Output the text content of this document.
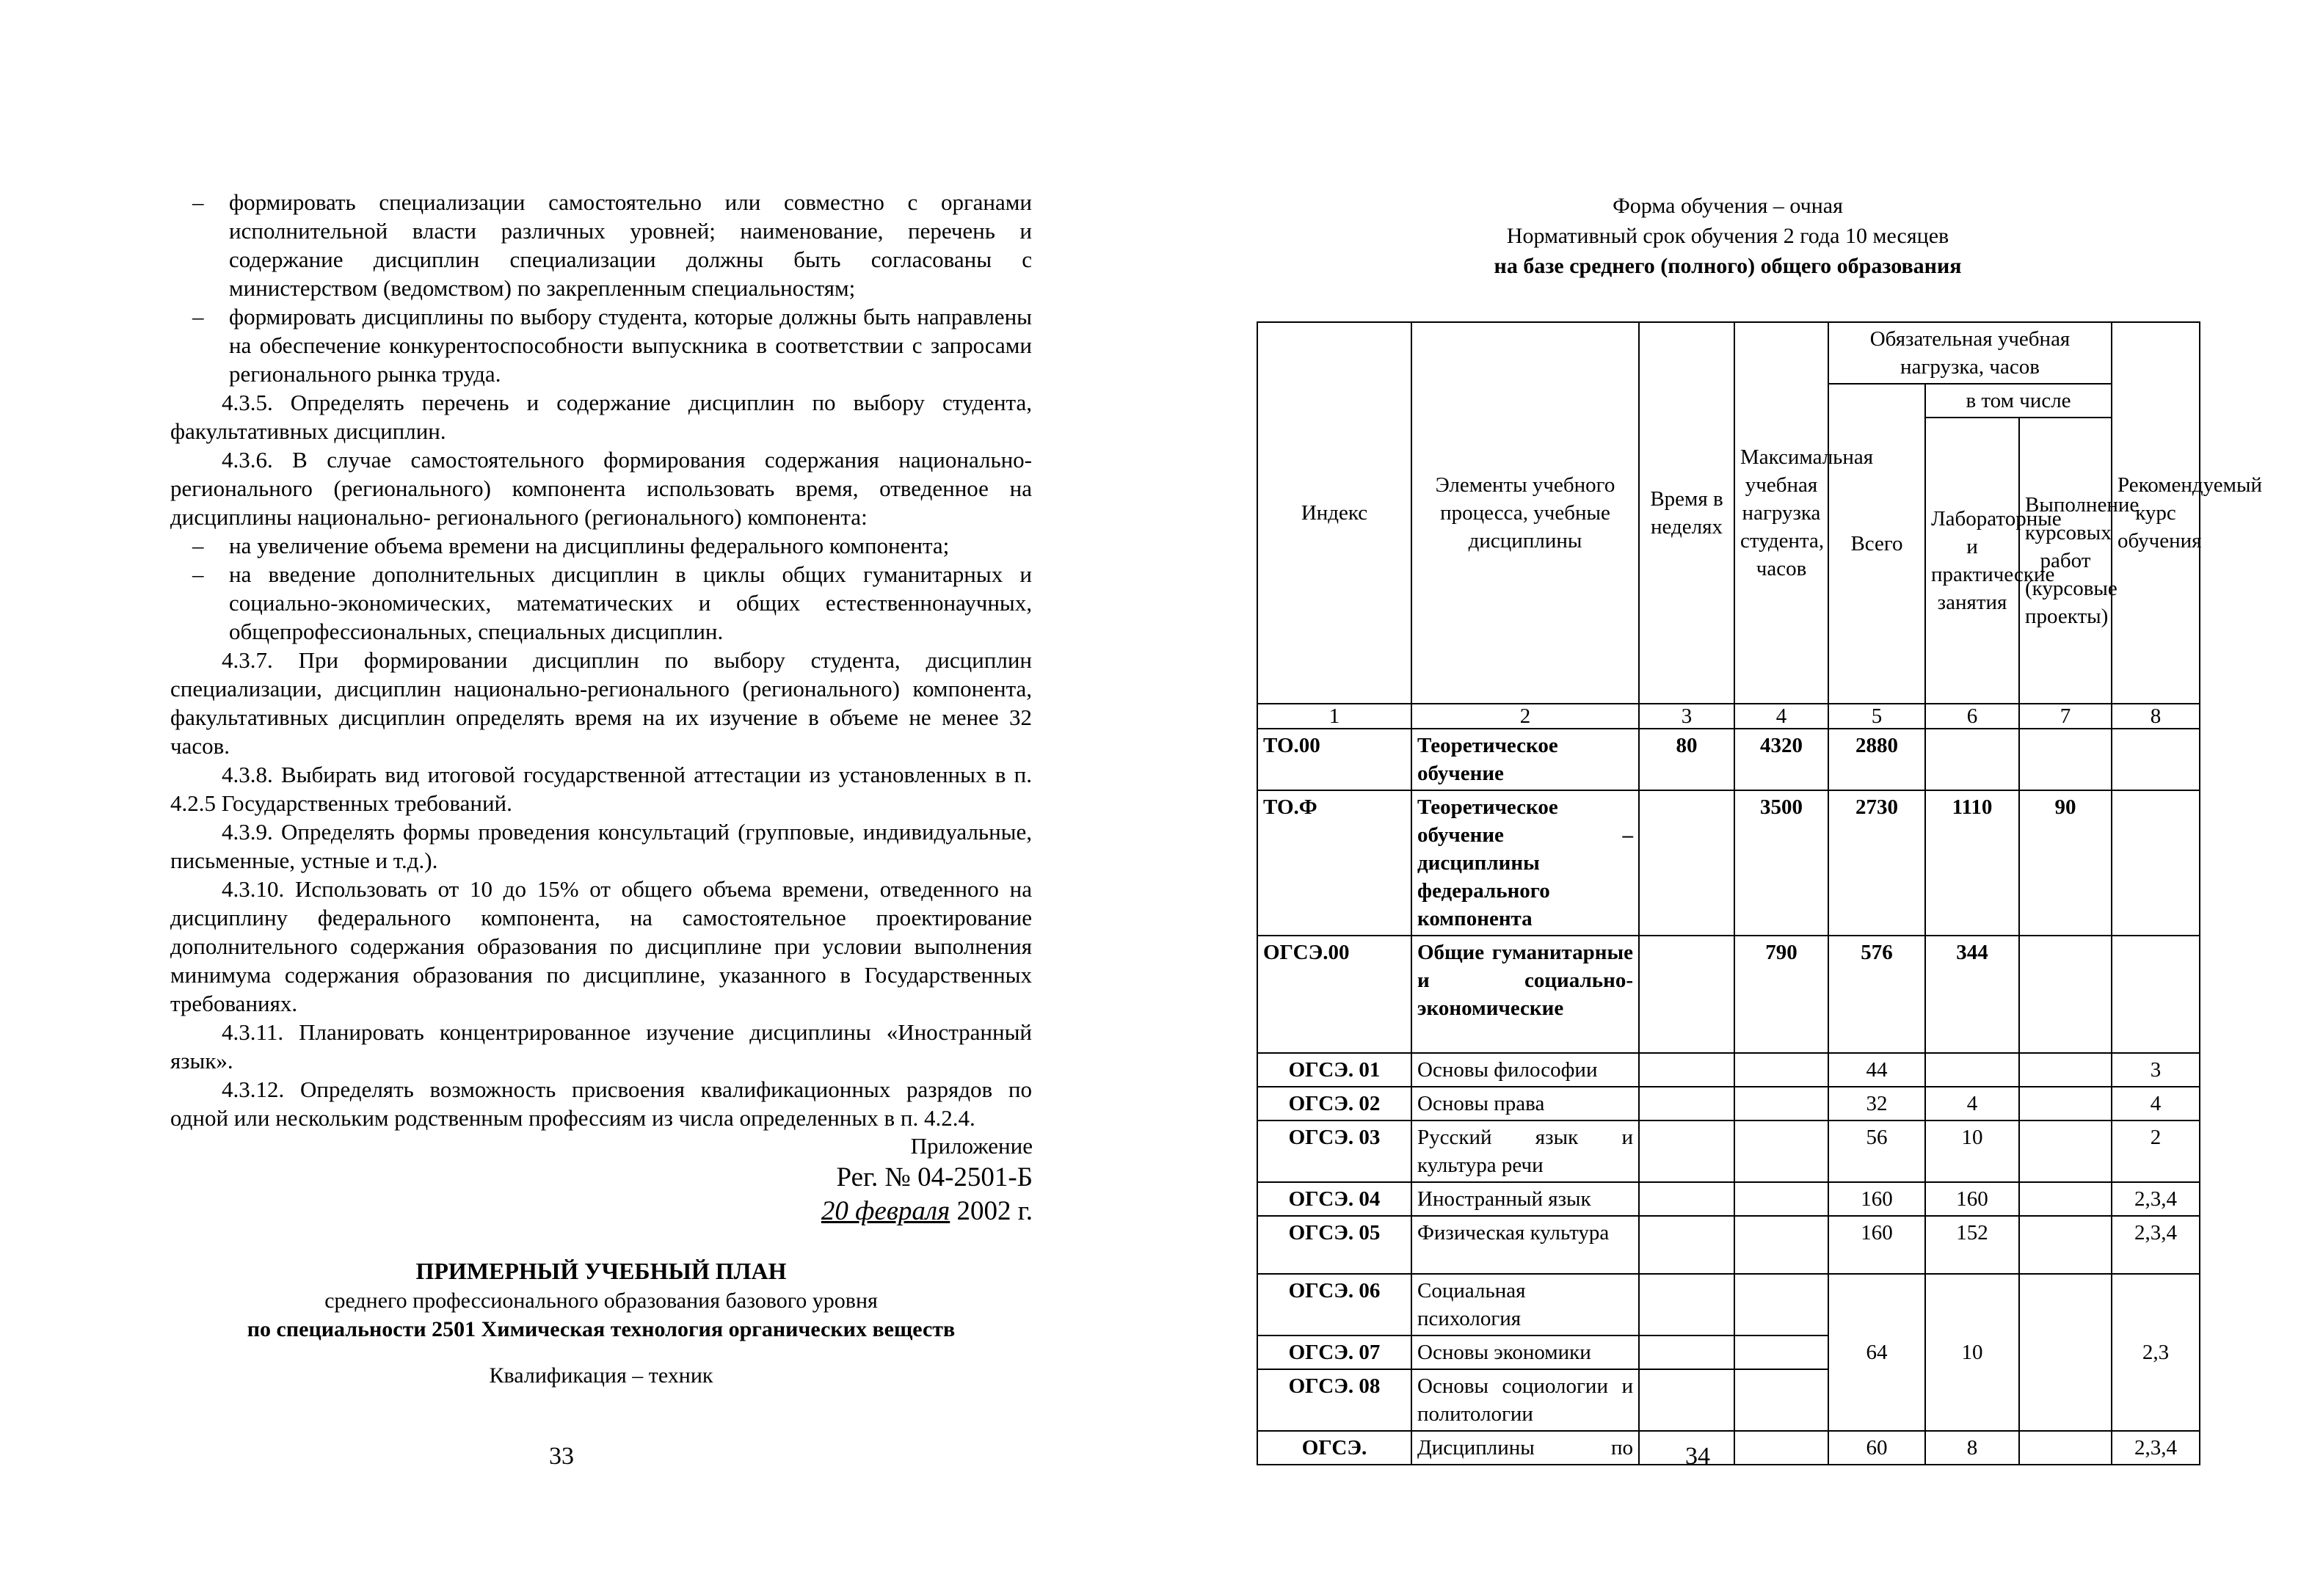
– формировать специализации самостоятельно или совместно с органами исполнительной власти различных уровней; наименование, перечень и содержание дисциплин специализации должны быть согласованы с министерством (ведомством) по закрепленным специальностям;

– формировать дисциплины по выбору студента, которые должны быть направлены на обеспечение конкурентоспособности выпускника в соответствии с запросами регионального рынка труда.

4.3.5. Определять перечень и содержание дисциплин по выбору студента, факультативных дисциплин.

4.3.6. В случае самостоятельного формирования содержания национально-регионального (регионального) компонента использовать время, отведенное на дисциплины национально- регионального (регионального) компонента:

– на увеличение объема времени на дисциплины федерального компонента;

– на введение дополнительных дисциплин в циклы общих гуманитарных и социально-экономических, математических и общих естественнонаучных, общепрофессиональных, специальных дисциплин.

4.3.7. При формировании дисциплин по выбору студента, дисциплин специализации, дисциплин национально-регионального (регионального) компонента, факультативных дисциплин определять время на их изучение в объеме не менее 32 часов.

4.3.8. Выбирать вид итоговой государственной аттестации из установленных в п. 4.2.5 Государственных требований.

4.3.9. Определять формы проведения консультаций (групповые, индивидуальные, письменные, устные и т.д.).

4.3.10. Использовать от 10 до 15% от общего объема времени, отведенного на дисциплину федерального компонента, на самостоятельное проектирование дополнительного содержания образования по дисциплине при условии выполнения минимума содержания образования по дисциплине, указанного в Государственных требованиях.

4.3.11. Планировать концентрированное изучение дисциплины «Иностранный язык».

4.3.12. Определять возможность присвоения квалификационных разрядов по одной или нескольким родственным профессиям из числа определенных в п. 4.2.4.

Приложение
Рег. № 04-2501-Б
20 февраля 2002 г.
ПРИМЕРНЫЙ УЧЕБНЫЙ ПЛАН
среднего профессионального образования базового уровня
по специальности 2501 Химическая технология органических веществ
Квалификация – техник
33
Форма обучения – очная
Нормативный срок обучения 2 года 10 месяцев
на базе среднего (полного) общего образования
Индекс	Элементы учебного процесса, учебные дисциплины	Время в неделях	Максимальная учебная нагрузка студента, часов	Обязательная учебная нагрузка, часов			Рекомендуемый курс обучения
				Всего	в том числе		
					Лабораторные и практические занятия	Выполнение курсовых работ (курсовые проекты)	
1	2	3	4	5	6	7	8
ТО.00	Теоретическое обучение	80	4320	2880			
ТО.Ф	Теоретическое обучение – дисциплины федерального компонента		3500	2730	1110	90	
ОГСЭ.00	Общие гуманитарные и социально-экономические		790	576	344		
ОГСЭ. 01	Основы философии			44			3
ОГСЭ. 02	Основы права			32	4		4
ОГСЭ. 03	Русский язык и культура речи			56	10		2
ОГСЭ. 04	Иностранный язык			160	160		2,3,4
ОГСЭ. 05	Физическая культура			160	152		2,3,4
ОГСЭ. 06	Социальная психология			64	10		2,3
ОГСЭ. 07	Основы экономики						
ОГСЭ. 08	Основы социологии и политологии						
ОГСЭ.	Дисциплины по			60	8		2,3,4
34
